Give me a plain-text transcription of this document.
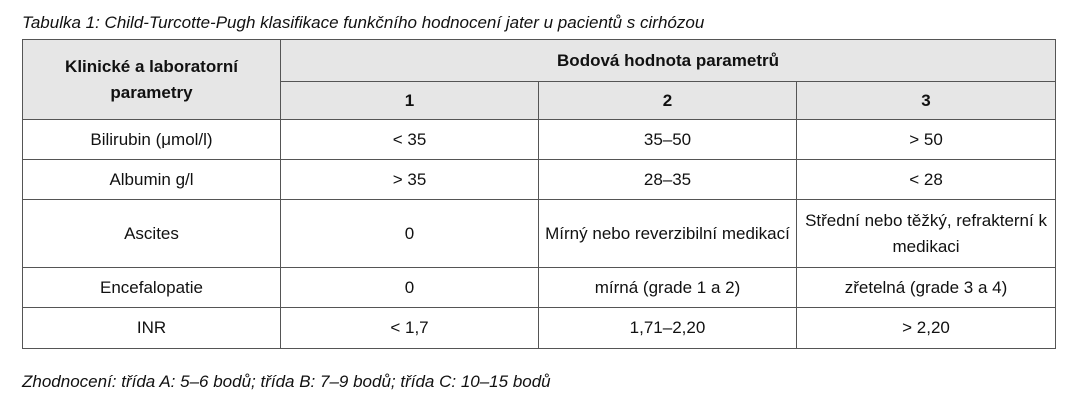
Tabulka 1: Child-Turcotte-Pugh klasifikace funkčního hodnocení jater u pacientů s cirhózou
Klinické a laboratorní parametry	Bodová hodnota parametrů		
	1	2	3
Bilirubin (μmol/l)	< 35	35–50	> 50
Albumin g/l	> 35	28–35	< 28
Ascites	0	Mírný nebo reverzibilní medikací	Střední nebo těžký, refrakterní k medikaci
Encefalopatie	0	mírná (grade 1 a 2)	zřetelná (grade 3 a 4)
INR	< 1,7	1,71–2,20	> 2,20
Zhodnocení: třída A: 5–6 bodů; třída B: 7–9 bodů; třída C: 10–15 bodů
